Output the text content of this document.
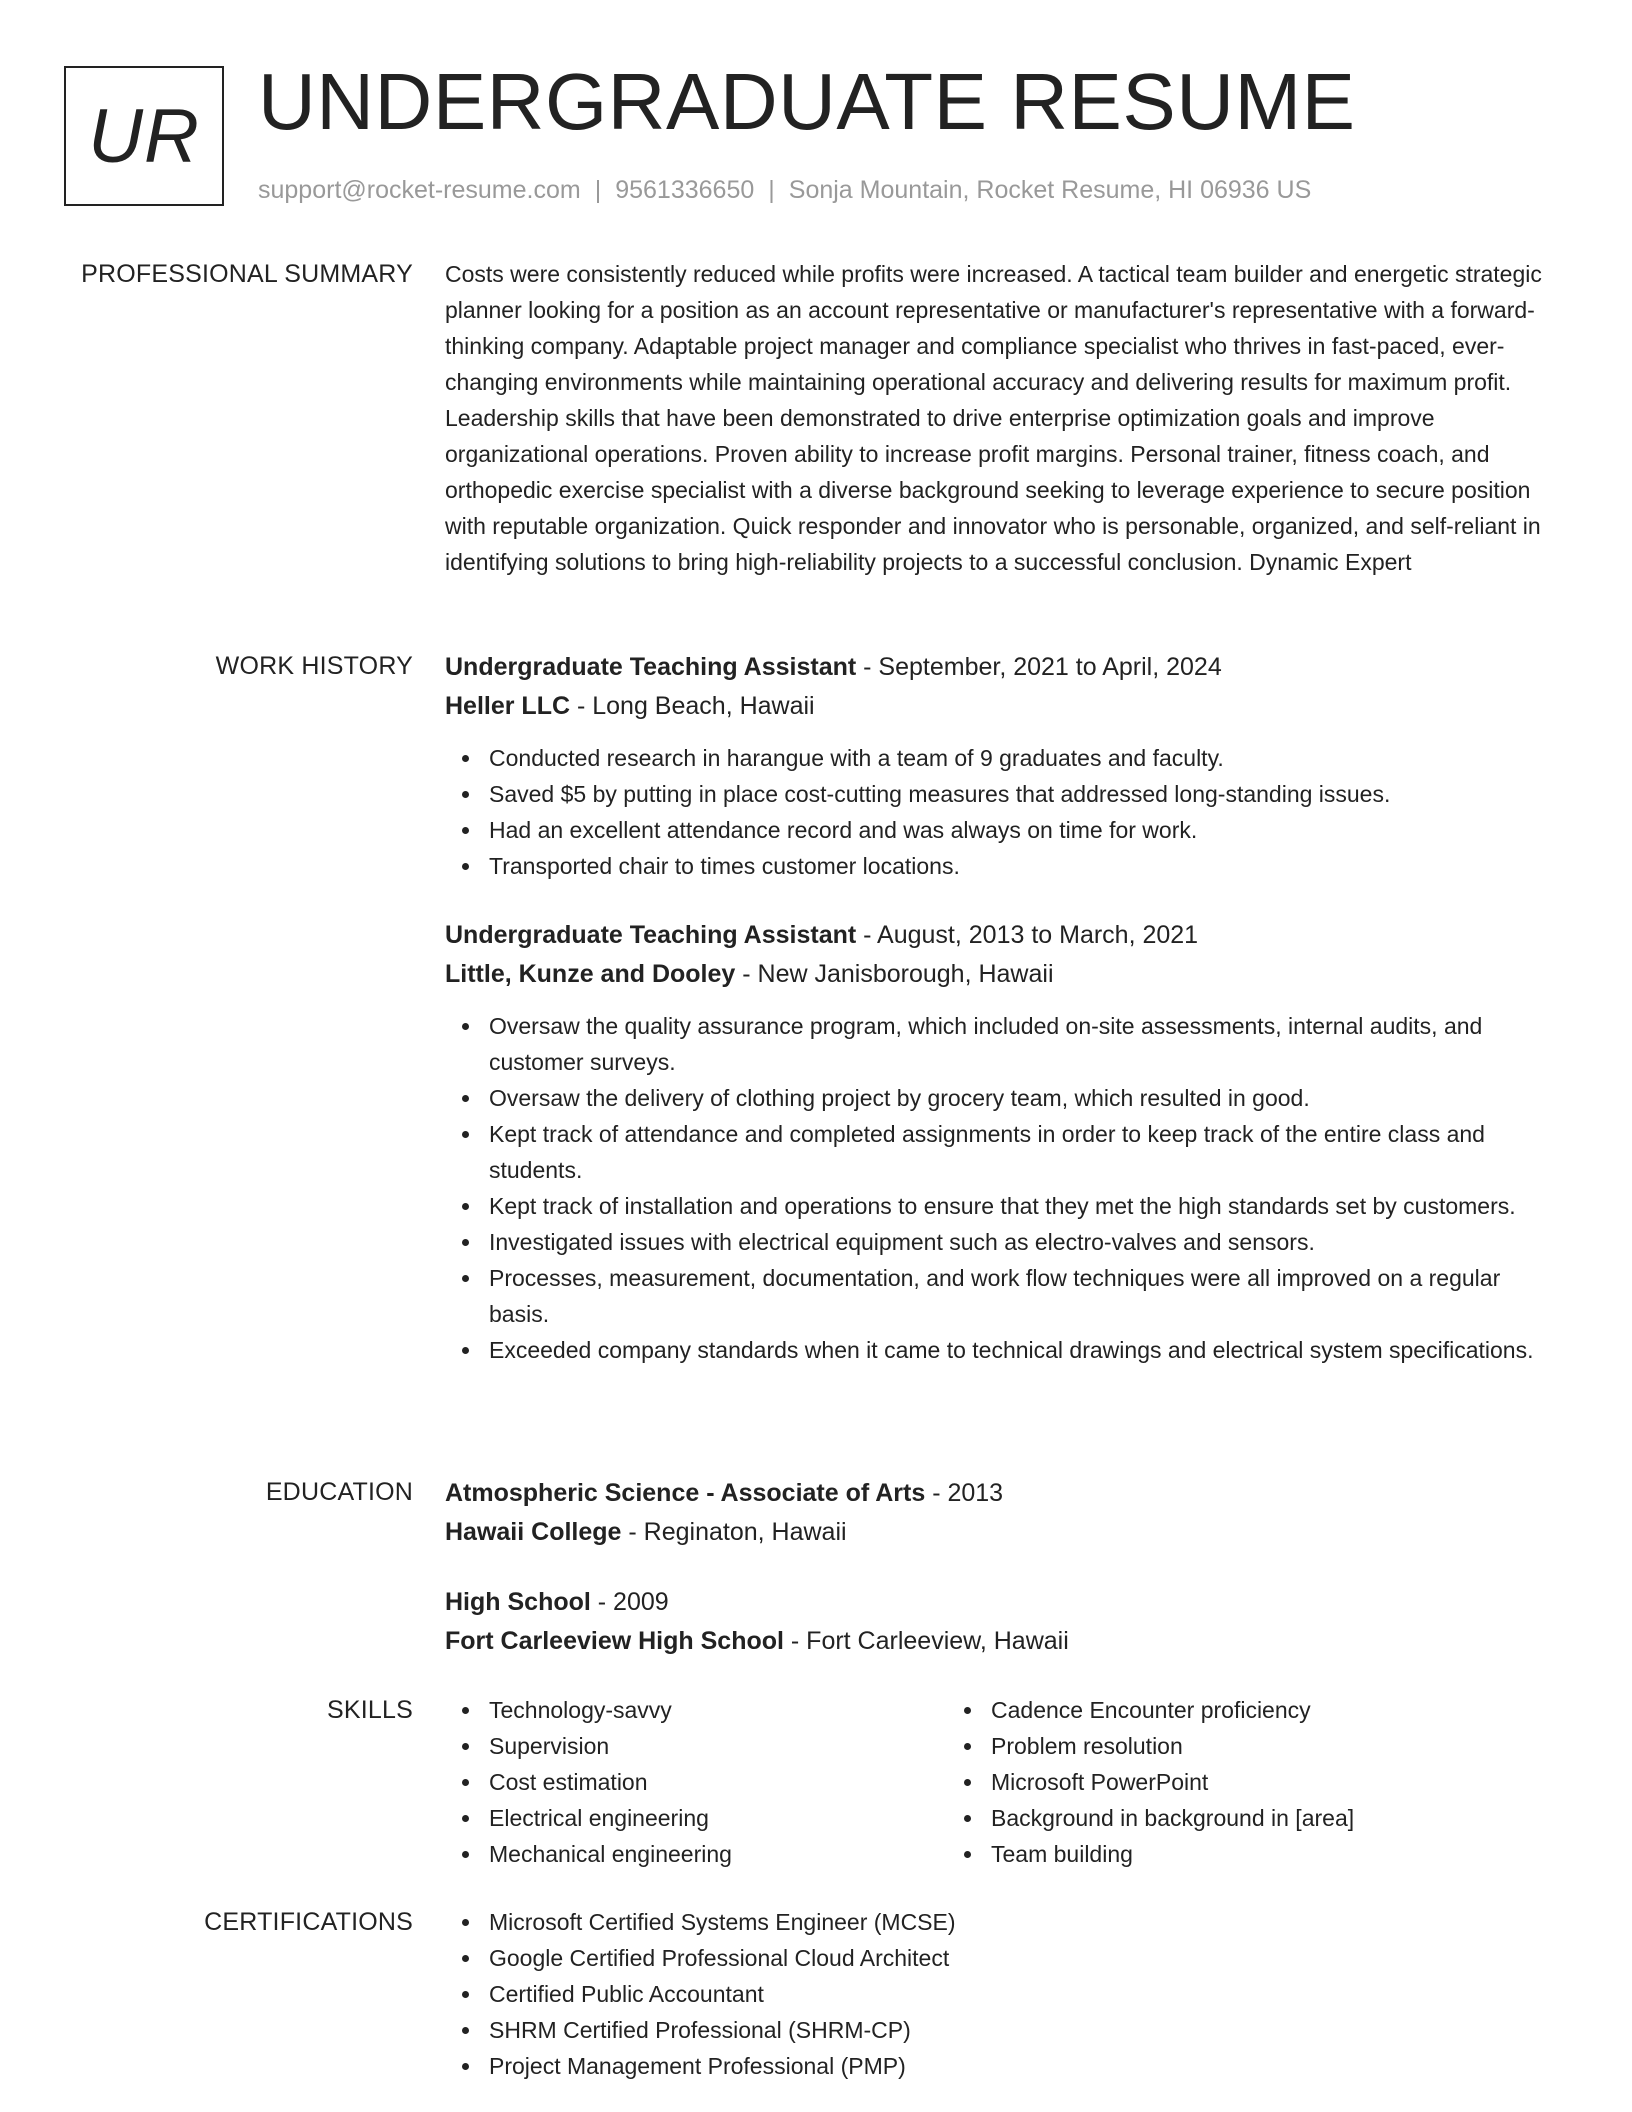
UR UNDERGRADUATE RESUME
support@rocket-resume.com | 9561336650 | Sonja Mountain, Rocket Resume, HI 06936 US
PROFESSIONAL SUMMARY Costs were consistently reduced while profits were increased. A tactical team builder and energetic strategic planner looking for a position as an account representative or manufacturer's representative with a forward-thinking company. Adaptable project manager and compliance specialist who thrives in fast-paced, ever-changing environments while maintaining operational accuracy and delivering results for maximum profit. Leadership skills that have been demonstrated to drive enterprise optimization goals and improve organizational operations. Proven ability to increase profit margins. Personal trainer, fitness coach, and orthopedic exercise specialist with a diverse background seeking to leverage experience to secure position with reputable organization. Quick responder and innovator who is personable, organized, and self-reliant in identifying solutions to bring high-reliability projects to a successful conclusion. Dynamic Expert

WORK HISTORY Undergraduate Teaching Assistant - September, 2021 to April, 2024
Heller LLC - Long Beach, Hawaii
Conducted research in harangue with a team of 9 graduates and faculty.
Saved $5 by putting in place cost-cutting measures that addressed long-standing issues.
Had an excellent attendance record and was always on time for work.
Transported chair to times customer locations.
Undergraduate Teaching Assistant - August, 2013 to March, 2021
Little, Kunze and Dooley - New Janisborough, Hawaii
Oversaw the quality assurance program, which included on-site assessments, internal audits, and customer surveys.
Oversaw the delivery of clothing project by grocery team, which resulted in good.
Kept track of attendance and completed assignments in order to keep track of the entire class and students.
Kept track of installation and operations to ensure that they met the high standards set by customers.
Investigated issues with electrical equipment such as electro-valves and sensors.
Processes, measurement, documentation, and work flow techniques were all improved on a regular basis.
Exceeded company standards when it came to technical drawings and electrical system specifications.
EDUCATION Atmospheric Science - Associate of Arts - 2013
Hawaii College - Reginaton, Hawaii
High School - 2009
Fort Carleeview High School - Fort Carleeview, Hawaii
SKILLS	Technology-savvy
Supervision
Cost estimation
Electrical engineering
Mechanical engineering
Cadence Encounter proficiency
Problem resolution
Microsoft PowerPoint
Background in background in [area]
Team building
CERTIFICATIONS	Microsoft Certified Systems Engineer (MCSE)
Google Certified Professional Cloud Architect
Certified Public Accountant
SHRM Certified Professional (SHRM-CP)
Project Management Professional (PMP)
